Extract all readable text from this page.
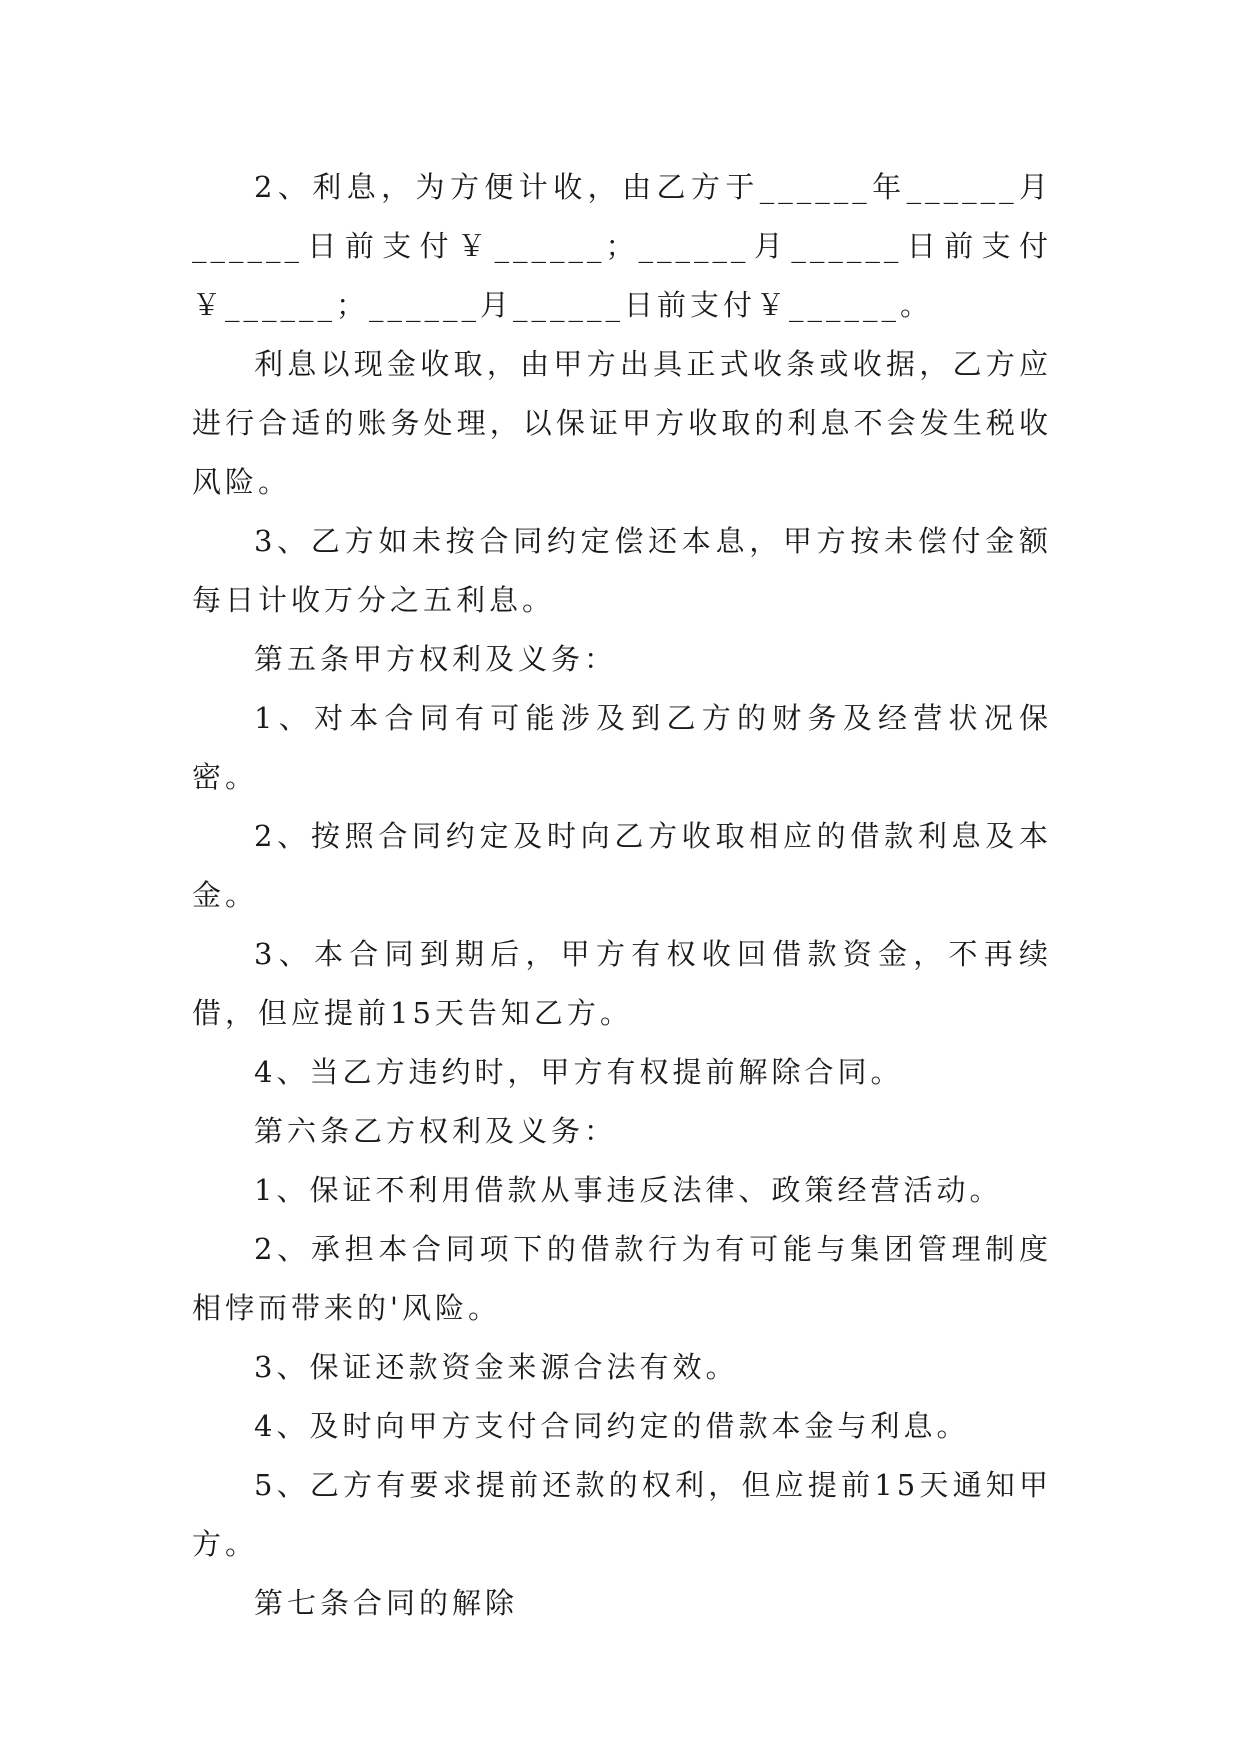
2、利息，为方便计收，由乙方于______年______月______日前支付￥______；______月______日前支付￥______；______月______日前支付￥______。

利息以现金收取，由甲方出具正式收条或收据，乙方应进行合适的账务处理，以保证甲方收取的利息不会发生税收风险。

3、乙方如未按合同约定偿还本息，甲方按未偿付金额每日计收万分之五利息。

第五条甲方权利及义务：

1、对本合同有可能涉及到乙方的财务及经营状况保密。

2、按照合同约定及时向乙方收取相应的借款利息及本金。

3、本合同到期后，甲方有权收回借款资金，不再续借，但应提前15天告知乙方。

4、当乙方违约时，甲方有权提前解除合同。

第六条乙方权利及义务：

1、保证不利用借款从事违反法律、政策经营活动。

2、承担本合同项下的借款行为有可能与集团管理制度相悖而带来的'风险。

3、保证还款资金来源合法有效。

4、及时向甲方支付合同约定的借款本金与利息。

5、乙方有要求提前还款的权利，但应提前15天通知甲方。

第七条合同的解除
